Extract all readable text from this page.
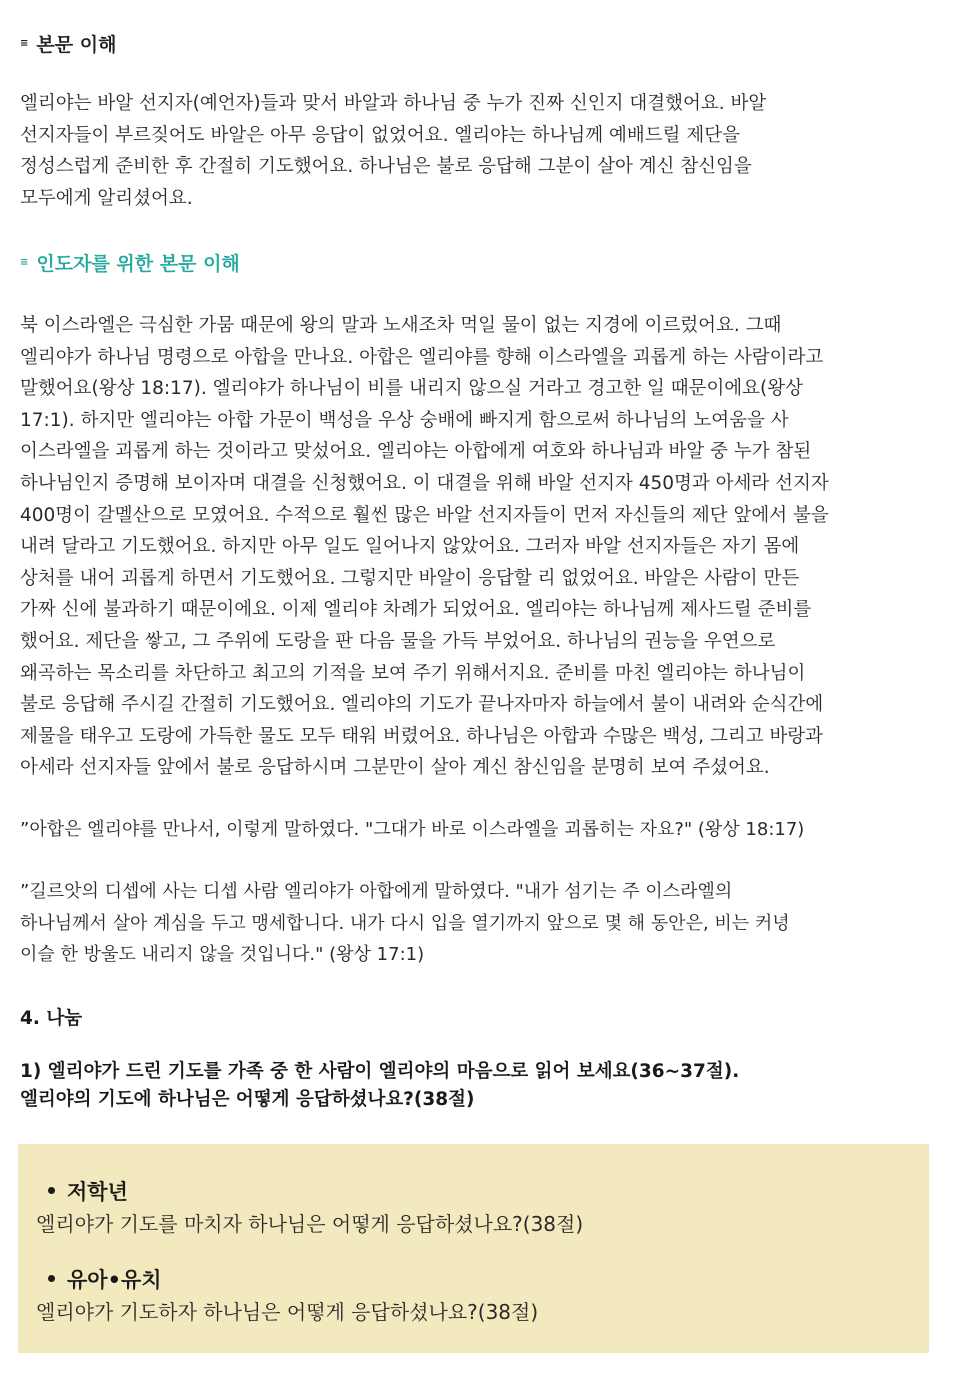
≡ 본문 이해
엘리야는 바알 선지자(예언자)들과 맞서 바알과 하나님 중 누가 진짜 신인지 대결했어요. 바알
선지자들이 부르짖어도 바알은 아무 응답이 없었어요. 엘리야는 하나님께 예배드릴 제단을
정성스럽게 준비한 후 간절히 기도했어요. 하나님은 불로 응답해 그분이 살아 계신 참신임을
모두에게 알리셨어요.
≡ 인도자를 위한 본문 이해
북 이스라엘은 극심한 가뭄 때문에 왕의 말과 노새조차 먹일 물이 없는 지경에 이르렀어요. 그때
엘리야가 하나님 명령으로 아합을 만나요. 아합은 엘리야를 향해 이스라엘을 괴롭게 하는 사람이라고
말했어요(왕상 18:17). 엘리야가 하나님이 비를 내리지 않으실 거라고 경고한 일 때문이에요(왕상
17:1). 하지만 엘리야는 아합 가문이 백성을 우상 숭배에 빠지게 함으로써 하나님의 노여움을 사
이스라엘을 괴롭게 하는 것이라고 맞섰어요. 엘리야는 아합에게 여호와 하나님과 바알 중 누가 참된
하나님인지 증명해 보이자며 대결을 신청했어요. 이 대결을 위해 바알 선지자 450명과 아세라 선지자
400명이 갈멜산으로 모였어요. 수적으로 훨씬 많은 바알 선지자들이 먼저 자신들의 제단 앞에서 불을
내려 달라고 기도했어요. 하지만 아무 일도 일어나지 않았어요. 그러자 바알 선지자들은 자기 몸에
상처를 내어 괴롭게 하면서 기도했어요. 그렇지만 바알이 응답할 리 없었어요. 바알은 사람이 만든
가짜 신에 불과하기 때문이에요. 이제 엘리야 차례가 되었어요. 엘리야는 하나님께 제사드릴 준비를
했어요. 제단을 쌓고, 그 주위에 도랑을 판 다음 물을 가득 부었어요. 하나님의 권능을 우연으로
왜곡하는 목소리를 차단하고 최고의 기적을 보여 주기 위해서지요. 준비를 마친 엘리야는 하나님이
불로 응답해 주시길 간절히 기도했어요. 엘리야의 기도가 끝나자마자 하늘에서 불이 내려와 순식간에
제물을 태우고 도랑에 가득한 물도 모두 태워 버렸어요. 하나님은 아합과 수많은 백성, 그리고 바랑과
아세라 선지자들 앞에서 불로 응답하시며 그분만이 살아 계신 참신임을 분명히 보여 주셨어요.
”아합은 엘리야를 만나서, 이렇게 말하였다. "그대가 바로 이스라엘을 괴롭히는 자요?" (왕상 18:17)
”길르앗의 디셉에 사는 디셉 사람 엘리야가 아합에게 말하였다. "내가 섬기는 주 이스라엘의
하나님께서 살아 계심을 두고 맹세합니다. 내가 다시 입을 열기까지 앞으로 몇 해 동안은, 비는 커녕
이슬 한 방울도 내리지 않을 것입니다." (왕상 17:1)
4. 나눔
1) 엘리야가 드린 기도를 가족 중 한 사람이 엘리야의 마음으로 읽어 보세요(36~37절).
엘리야의 기도에 하나님은 어떻게 응답하셨나요?(38절)
저학년
엘리야가 기도를 마치자 하나님은 어떻게 응답하셨나요?(38절)
유아•유치
엘리야가 기도하자 하나님은 어떻게 응답하셨나요?(38절)
